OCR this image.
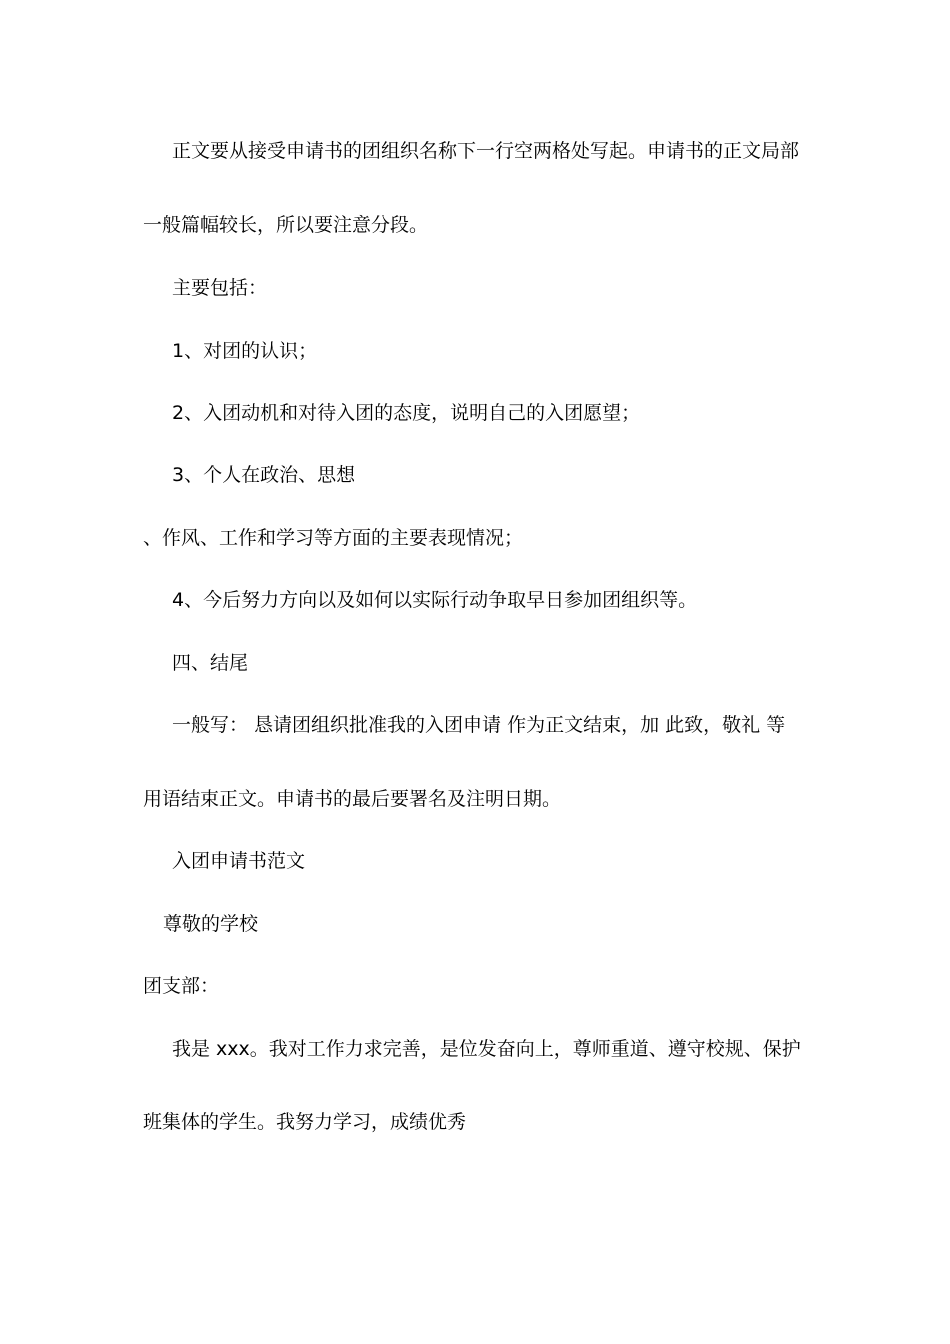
正文要从接受申请书的团组织名称下一行空两格处写起。申请书的正文局部
一般篇幅较长，所以要注意分段。
主要包括：
1、对团的认识；
2、入团动机和对待入团的态度，说明自己的入团愿望；
3、个人在政治、思想
、作风、工作和学习等方面的主要表现情况；
4、今后努力方向以及如何以实际行动争取早日参加团组织等。
四、结尾
一般写： 恳请团组织批准我的入团申请 作为正文结束，加 此致，敬礼 等
用语结束正文。申请书的最后要署名及注明日期。
入团申请书范文
尊敬的学校
团支部：
我是 xxx。我对工作力求完善，是位发奋向上，尊师重道、遵守校规、保护
班集体的学生。我努力学习，成绩优秀
